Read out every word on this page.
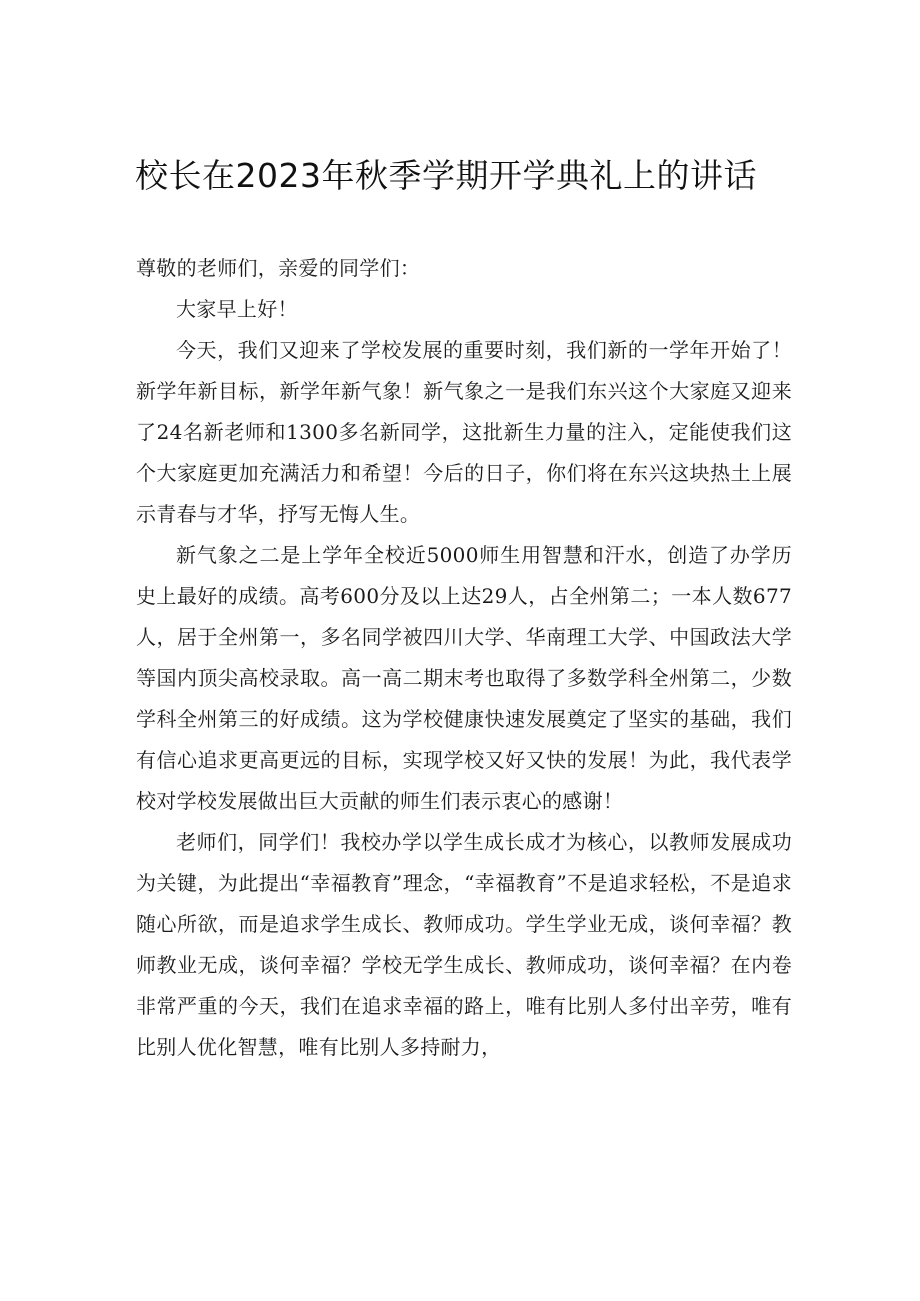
校长在2023年秋季学期开学典礼上的讲话

尊敬的老师们，亲爱的同学们：

大家早上好！

今天，我们又迎来了学校发展的重要时刻，我们新的一学年开始了！新学年新目标，新学年新气象！新气象之一是我们东兴这个大家庭又迎来了24名新老师和1300多名新同学，这批新生力量的注入，定能使我们这个大家庭更加充满活力和希望！今后的日子，你们将在东兴这块热土上展示青春与才华，抒写无悔人生。

新气象之二是上学年全校近5000师生用智慧和汗水，创造了办学历史上最好的成绩。高考600分及以上达29人，占全州第二；一本人数677人，居于全州第一，多名同学被四川大学、华南理工大学、中国政法大学等国内顶尖高校录取。高一高二期末考也取得了多数学科全州第二，少数学科全州第三的好成绩。这为学校健康快速发展奠定了坚实的基础，我们有信心追求更高更远的目标，实现学校又好又快的发展！为此，我代表学校对学校发展做出巨大贡献的师生们表示衷心的感谢！

老师们，同学们！我校办学以学生成长成才为核心，以教师发展成功为关键，为此提出“幸福教育”理念，“幸福教育”不是追求轻松，不是追求随心所欲，而是追求学生成长、教师成功。学生学业无成，谈何幸福？教师教业无成，谈何幸福？学校无学生成长、教师成功，谈何幸福？在内卷非常严重的今天，我们在追求幸福的路上，唯有比别人多付出辛劳，唯有比别人优化智慧，唯有比别人多持耐力，
